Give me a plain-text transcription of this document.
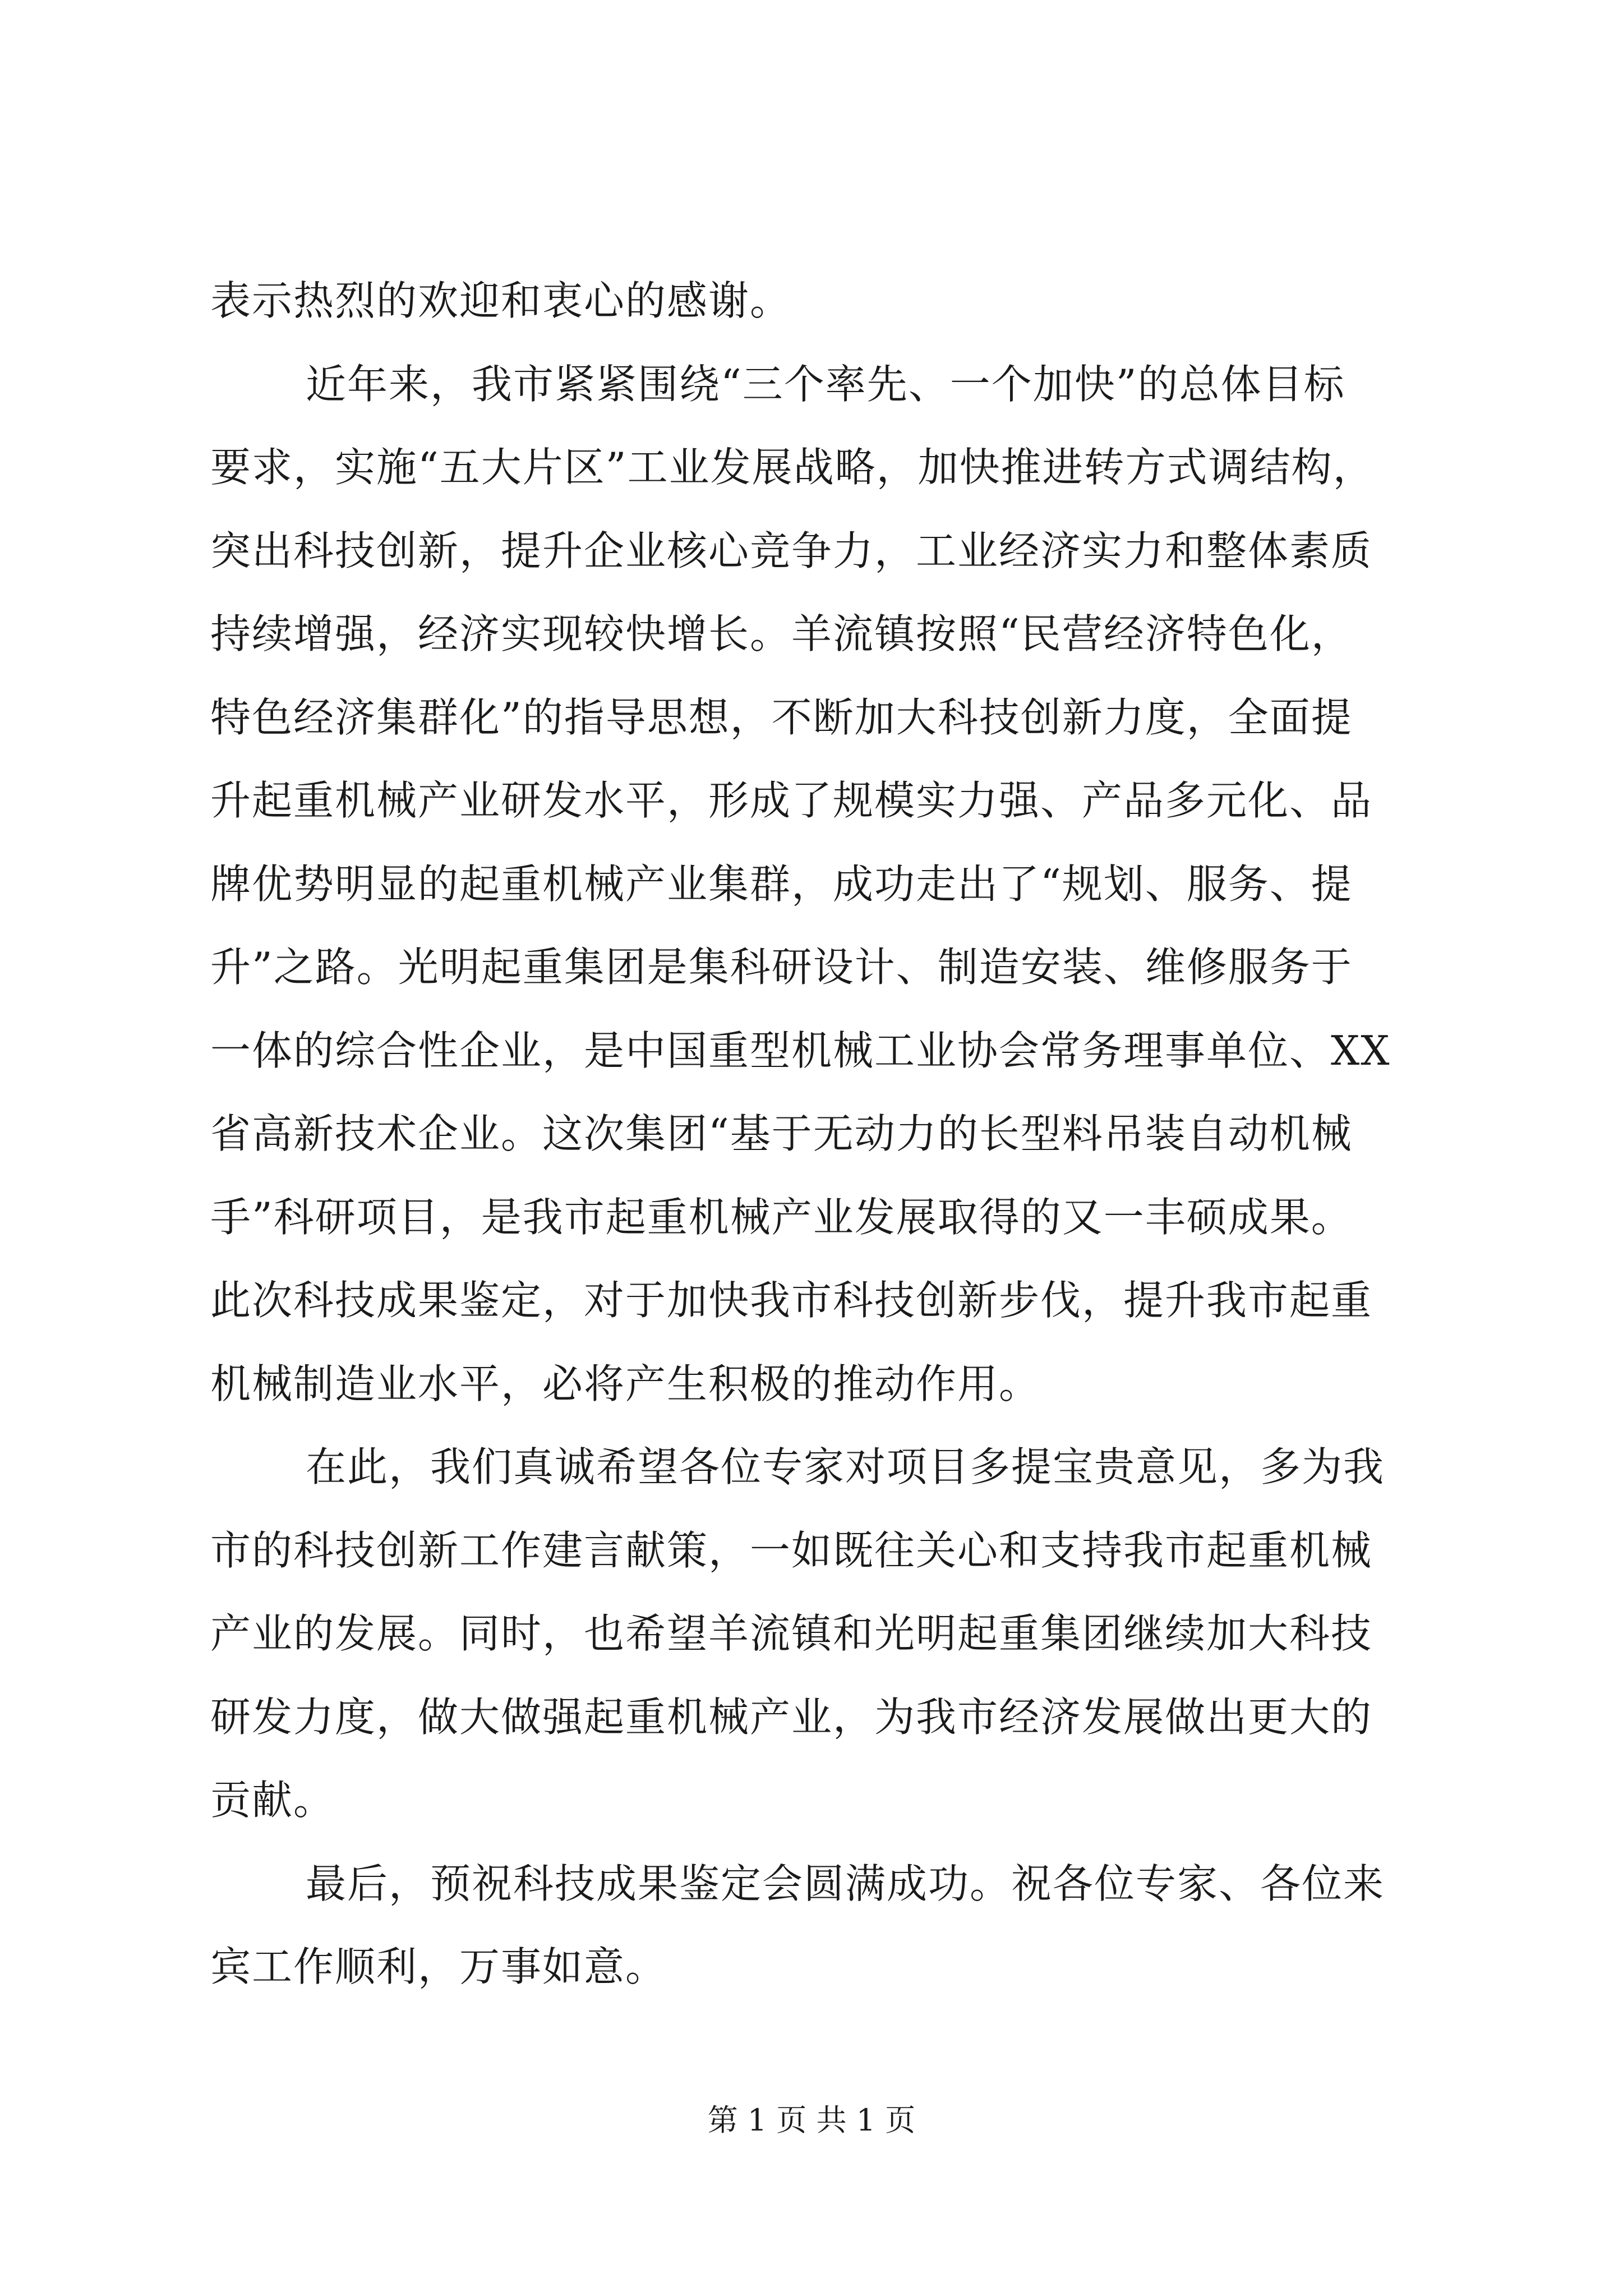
表示热烈的欢迎和衷心的感谢。
近年来，我市紧紧围绕“三个率先、一个加快”的总体目标
要求，实施“五大片区”工业发展战略，加快推进转方式调结构，
突出科技创新，提升企业核心竞争力，工业经济实力和整体素质
持续增强，经济实现较快增长。羊流镇按照“民营经济特色化，
特色经济集群化”的指导思想，不断加大科技创新力度，全面提
升起重机械产业研发水平，形成了规模实力强、产品多元化、品
牌优势明显的起重机械产业集群，成功走出了“规划、服务、提
升”之路。光明起重集团是集科研设计、制造安装、维修服务于
一体的综合性企业，是中国重型机械工业协会常务理事单位、XX
省高新技术企业。这次集团“基于无动力的长型料吊装自动机械
手”科研项目，是我市起重机械产业发展取得的又一丰硕成果。
此次科技成果鉴定，对于加快我市科技创新步伐，提升我市起重
机械制造业水平，必将产生积极的推动作用。
在此，我们真诚希望各位专家对项目多提宝贵意见，多为我
市的科技创新工作建言献策，一如既往关心和支持我市起重机械
产业的发展。同时，也希望羊流镇和光明起重集团继续加大科技
研发力度，做大做强起重机械产业，为我市经济发展做出更大的
贡献。
最后，预祝科技成果鉴定会圆满成功。祝各位专家、各位来
宾工作顺利，万事如意。
第 1 页 共 1 页
